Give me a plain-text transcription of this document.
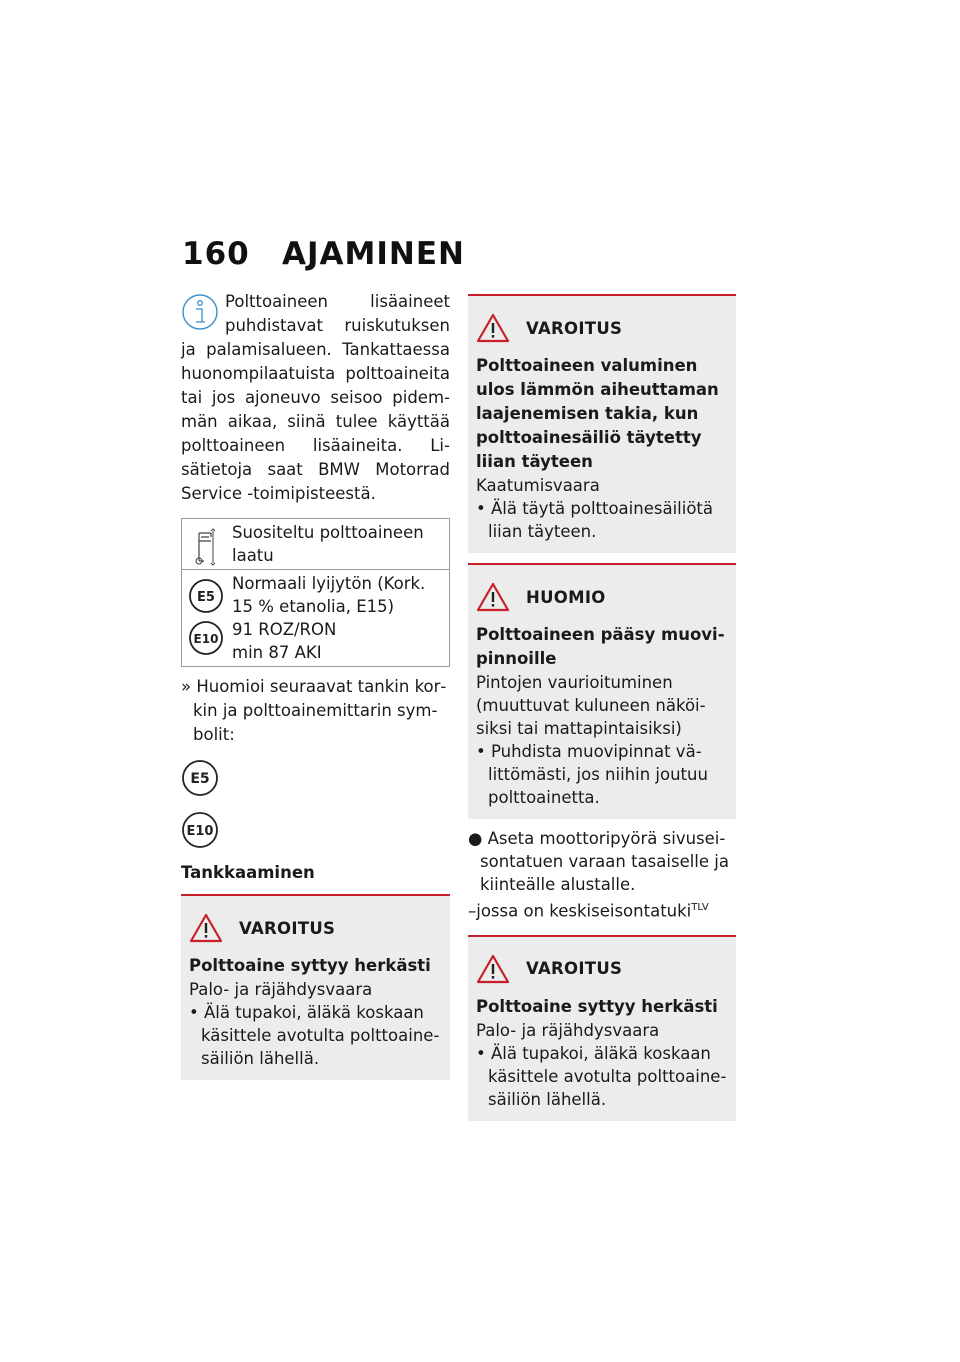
160 AJAMINEN

Polttoaineen lisäaineet puhdistavat ruiskutuksen ja palamisalueen. Tankattaessa huonompilaatuista polttoaineita tai jos ajoneuvo seisoo pidemmän aikaa, siinä tulee käyttää polttoaineen lisäaineita. Lisätietoja saat BMW Motorrad Service -toimipisteestä.

Suositeltu polttoaineen laatu
E5
E10
Normaali lyijytön (Kork. 15 % etanolia, E15)
91 ROZ/RON
min 87 AKI

» Huomioi seuraavat tankin korkin ja polttoainemittarin symbolit:

E5
E10
Tankkaaminen
VAROITUS
Polttoaine syttyy herkästi
Palo- ja räjähdysvaara
• Älä tupakoi, äläkä koskaan käsittele avotulta polttoainesäiliön lähellä.
VAROITUS
Polttoaineen valuminen ulos lämmön aiheuttaman laajenemisen takia, kun polttoainesäiliö täytetty liian täyteen
Kaatumisvaara
• Älä täytä polttoainesäiliötä liian täyteen.
HUOMIO
Polttoaineen pääsy muovipinnoille
Pintojen vaurioituminen (muuttuvat kuluneen näköisiksi tai mattapintaisiksi)
• Puhdista muovipinnat välittömästi, jos niihin joutuu polttoainetta.
● Aseta moottoripyörä sivuseisontatuen varaan tasaiselle ja kiinteälle alustalle.
–jossa on keskiseisontatuki$^{TLV}$
VAROITUS
Polttoaine syttyy herkästi
Palo- ja räjähdysvaara
• Älä tupakoi, äläkä koskaan käsittele avotulta polttoainesäiliön lähellä.
